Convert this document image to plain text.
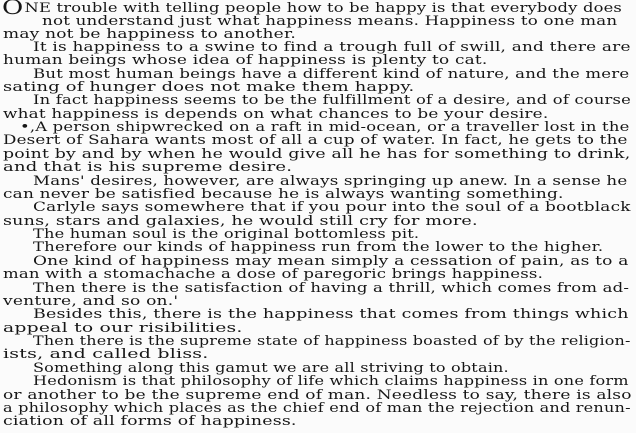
ONE trouble with telling people how to be happy is that everybody does
not understand just what happiness means. Happiness to one man
may not be happiness to another.
It is happiness to a swine to find a trough full of swill, and there are
human beings whose idea of happiness is plenty to cat.
But most human beings have a different kind of nature, and the mere
sating of hunger does not make them happy.
In fact happiness seems to be the fulfillment of a desire, and of course
what happiness is depends on what chances to be your desire.
•,A person shipwrecked on a raft in mid-ocean, or a traveller lost in the
Desert of Sahara wants most of all a cup of water. In fact, he gets to the
point by and by when he would give all he has for something to drink,
and that is his supreme desire.
Mans' desires, however, are always springing up anew. In a sense he
can never be satisfied because he is always wanting something.
Carlyle says somewhere that if you pour into the soul of a bootblack
suns, stars and galaxies, he would still cry for more.
The human soul is the original bottomless pit.
Therefore our kinds of happiness run from the lower to the higher.
One kind of happiness may mean simply a cessation of pain, as to a
man with a stomachache a dose of paregoric brings happiness.
Then there is the satisfaction of having a thrill, which comes from ad-
venture, and so on.'
Besides this, there is the happiness that comes from things which
appeal to our risibilities.
Then there is the supreme state of happiness boasted of by the religion-
ists, and called bliss.
Something along this gamut we are all striving to obtain.
Hedonism is that philosophy of life which claims happiness in one form
or another to be the supreme end of man. Needless to say, there is also
a philosophy which places as the chief end of man the rejection and renun-
ciation of all forms of happiness.
